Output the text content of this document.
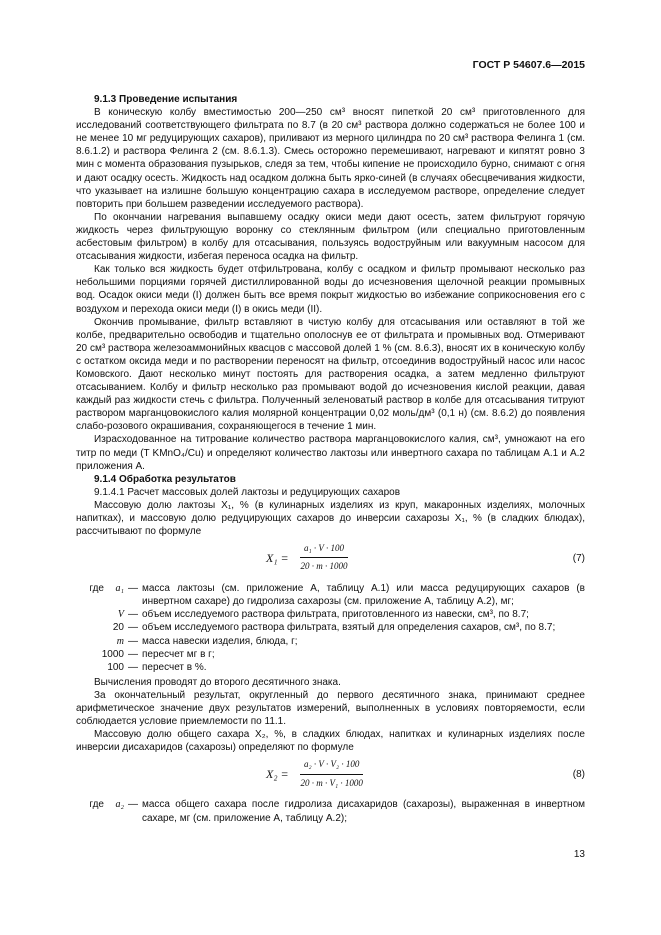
ГОСТ Р 54607.6—2015

9.1.3 Проведение испытания

В коническую колбу вместимостью 200—250 см³ вносят пипеткой 20 см³ приготовленного для исследований соответствующего фильтрата по 8.7 (в 20 см³ раствора должно содержаться не более 100 и не менее 10 мг редуцирующих сахаров), приливают из мерного цилиндра по 20 см³ раствора Фелинга 1 (см. 8.6.1.2) и раствора Фелинга 2 (см. 8.6.1.3). Смесь осторожно перемешивают, нагревают и кипятят ровно 3 мин с момента образования пузырьков, следя за тем, чтобы кипение не происходило бурно, снимают с огня и дают осадку осесть. Жидкость над осадком должна быть ярко-синей (в случаях обесцвечивания жидкости, что указывает на излишне большую концентрацию сахара в исследуемом растворе, определение следует повторить при большем разведении исследуемого раствора).

По окончании нагревания выпавшему осадку окиси меди дают осесть, затем фильтруют горячую жидкость через фильтрующую воронку со стеклянным фильтром (или специально приготовленным асбестовым фильтром) в колбу для отсасывания, пользуясь водоструйным или вакуумным насосом для отсасывания жидкости, избегая переноса осадка на фильтр.

Как только вся жидкость будет отфильтрована, колбу с осадком и фильтр промывают несколько раз небольшими порциями горячей дистиллированной воды до исчезновения щелочной реакции промывных вод. Осадок окиси меди (I) должен быть все время покрыт жидкостью во избежание соприкосновения его с воздухом и перехода окиси меди (I) в окись меди (II).

Окончив промывание, фильтр вставляют в чистую колбу для отсасывания или оставляют в той же колбе, предварительно освободив и тщательно ополоснув ее от фильтрата и промывных вод. Отмеривают 20 см³ раствора железоаммонийных квасцов с массовой долей 1 % (см. 8.6.3), вносят их в коническую колбу с остатком оксида меди и по растворении переносят на фильтр, отсоединив водоструйный насос или насос Комовского. Дают несколько минут постоять для растворения осадка, а затем медленно фильтруют отсасыванием. Колбу и фильтр несколько раз промывают водой до исчезновения кислой реакции, давая каждый раз жидкости стечь с фильтра. Полученный зеленоватый раствор в колбе для отсасывания титруют раствором марганцовокислого калия молярной концентрации 0,02 моль/дм³ (0,1 н) (см. 8.6.2) до появления слабо-розового окрашивания, сохраняющегося в течение 1 мин.

Израсходованное на титрование количество раствора марганцовокислого калия, см³, умножают на его титр по меди (T KMnO₄/Cu) и определяют количество лактозы или инвертного сахара по таблицам А.1 и А.2 приложения А.

9.1.4 Обработка результатов

9.1.4.1 Расчет массовых долей лактозы и редуцирующих сахаров

Массовую долю лактозы X₁, % (в кулинарных изделиях из круп, макаронных изделиях, молочных напитках), и массовую долю редуцирующих сахаров до инверсии сахарозы X₁, % (в сладких блюдах), рассчитывают по формуле

$X_1 = \frac{\text{a₁ · V · 100}}{20 \cdot m \cdot 1000}$	(7)
где	a₁ — масса лактозы (см. приложение А, таблицу А.1) или масса редуцирующих сахаров (в инвертном сахаре) до гидролиза сахарозы (см. приложение А, таблицу А.2), мг;
V — объем исследуемого раствора фильтрата, приготовленного из навески, см³, по 8.7;
20 — объем исследуемого раствора фильтрата, взятый для определения сахаров, см³, по 8.7;
m — масса навески изделия, блюда, г;
1000 — пересчет мг в г;
100 — пересчет в %.

Вычисления проводят до второго десятичного знака.

За окончательный результат, округленный до первого десятичного знака, принимают среднее арифметическое значение двух результатов измерений, выполненных в условиях повторяемости, если соблюдается условие приемлемости по 11.1.

Массовую долю общего сахара X₂, %, в сладких блюдах, напитках и кулинарных изделиях после инверсии дисахаридов (сахарозы) определяют по формуле

$X_2 = \frac{\text{a₂ · V · V₂ · 100}}{\text{20 · m · V₁ · 1000}}$	(8)
где	a₂ — масса общего сахара после гидролиза дисахаридов (сахарозы), выраженная в инвертном сахаре, мг (см. приложение А, таблицу А.2);
13
